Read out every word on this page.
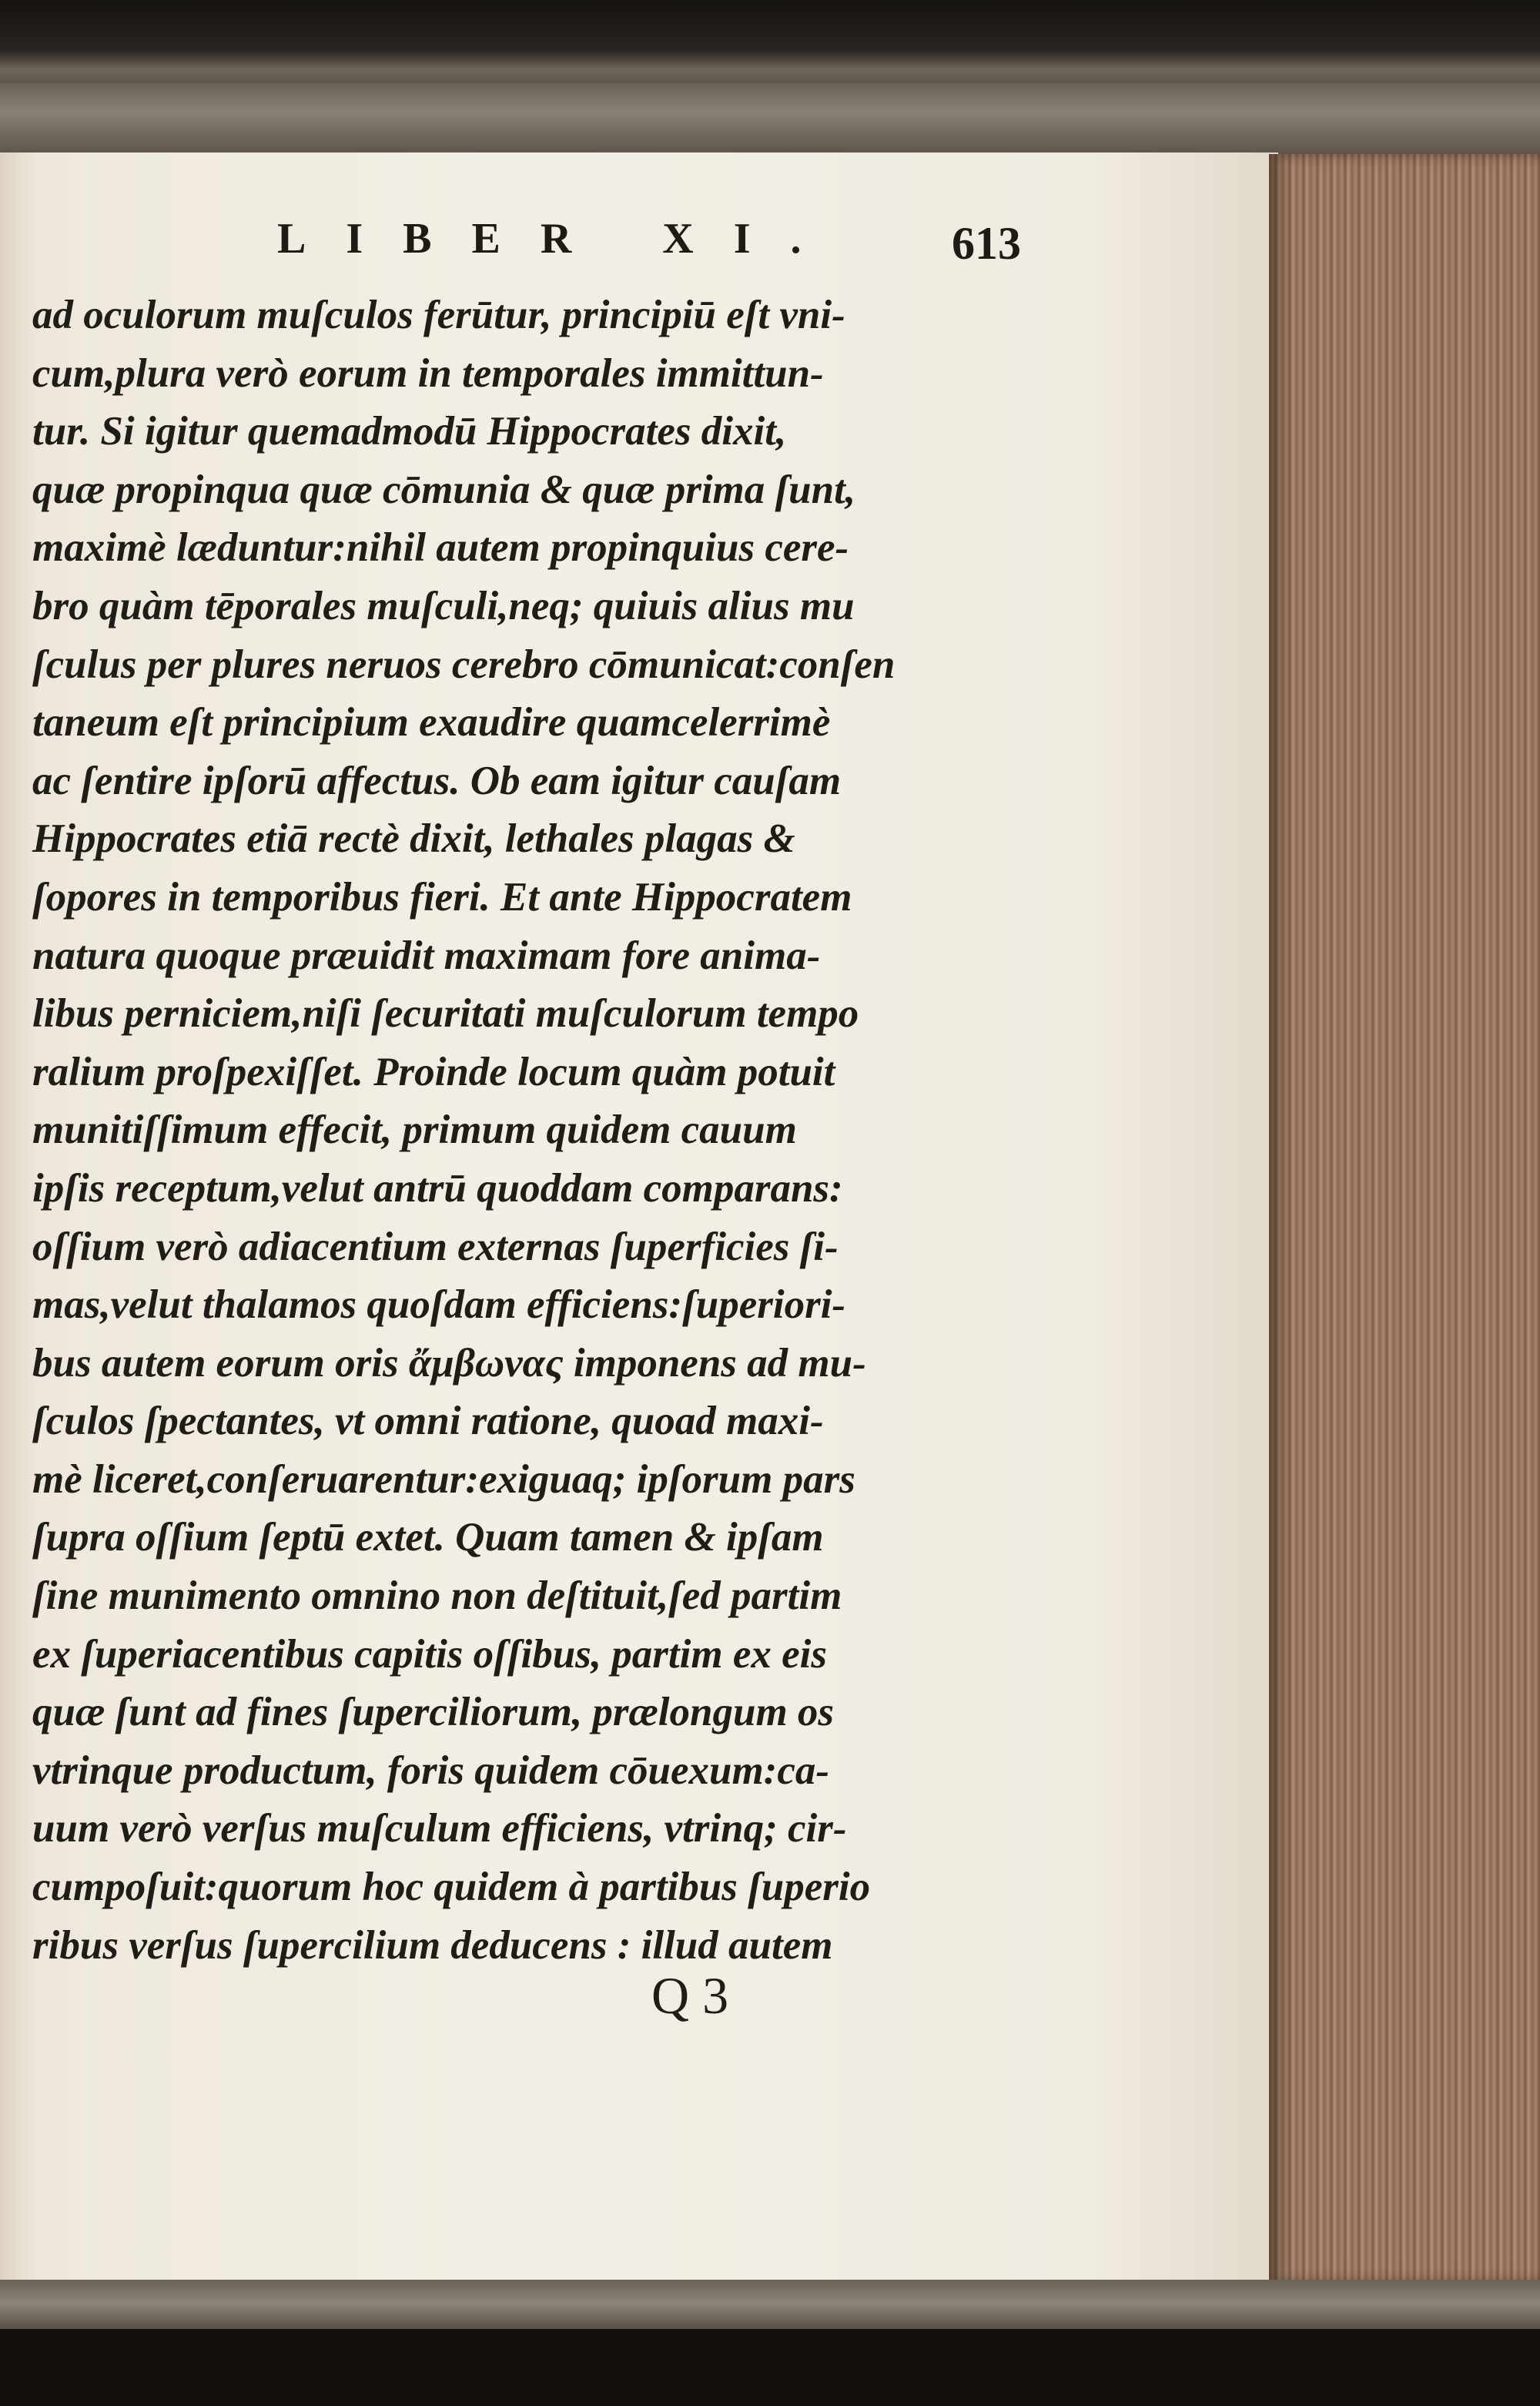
LIBER XI.	613
ad oculorum muſculos ferūtur, principiū eſt vni-
cum,plura verò eorum in temporales immittun-
tur. Si igitur quemadmodū Hippocrates dixit,
quæ propinqua quæ cōmunia & quæ prima ſunt,
maximè læduntur:nihil autem propinquius cere-
bro quàm tēporales muſculi,neq; quiuis alius mu
ſculus per plures neruos cerebro cōmunicat:conſen
taneum eſt principium exaudire quamcelerrimè
ac ſentire ipſorū affectus. Ob eam igitur cauſam
Hippocrates etiā rectè dixit, lethales plagas &
ſopores in temporibus fieri. Et ante Hippocratem
natura quoque præuidit maximam fore anima-
libus perniciem,niſi ſecuritati muſculorum tempo
ralium proſpexiſſet. Proinde locum quàm potuit
munitiſſimum effecit, primum quidem cauum
ipſis receptum,velut antrū quoddam comparans:
oſſium verò adiacentium externas ſuperficies ſi-
mas,velut thalamos quoſdam efficiens:ſuperiori-
bus autem eorum oris ἄμβωνας imponens ad mu-
ſculos ſpectantes, vt omni ratione, quoad maxi-
mè liceret,conſeruarentur:exiguaq; ipſorum pars
ſupra oſſium ſeptū extet. Quam tamen & ipſam
ſine munimento omnino non deſtituit,ſed partim
ex ſuperiacentibus capitis oſſibus, partim ex eis
quæ ſunt ad fines ſuperciliorum, prælongum os
vtrinque productum, foris quidem cōuexum:ca-
uum verò verſus muſculum efficiens, vtrinq; cir-
cumpoſuit:quorum hoc quidem à partibus ſuperio
ribus verſus ſupercilium deducens : illud autem
Q 3
